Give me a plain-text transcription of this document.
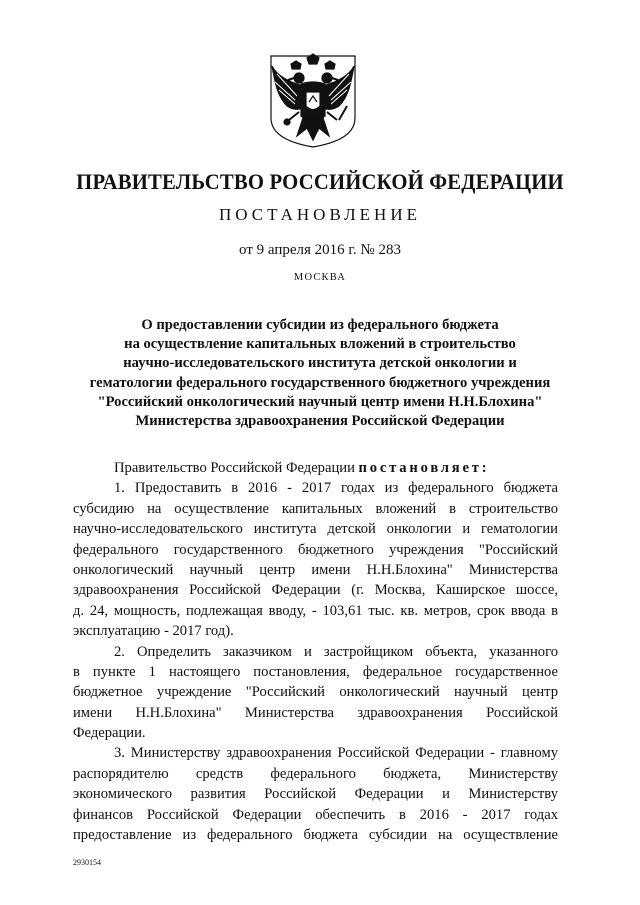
ПРАВИТЕЛЬСТВО РОССИЙСКОЙ ФЕДЕРАЦИИ
ПОСТАНОВЛЕНИЕ
от 9 апреля 2016 г. № 283
МОСКВА
О предоставлении субсидии из федерального бюджета
на осуществление капитальных вложений в строительство
научно-исследовательского института детской онкологии и
гематологии федерального государственного бюджетного учреждения
"Российский онкологический научный центр имени Н.Н.Блохина"
Министерства здравоохранения Российской Федерации
Правительство Российской Федерации постановляет:
1. Предоставить в 2016 - 2017 годах из федерального бюджета
субсидию на осуществление капитальных вложений в строительство
научно-исследовательского института детской онкологии и гематологии
федерального государственного бюджетного учреждения "Российский
онкологический научный центр имени Н.Н.Блохина" Министерства
здравоохранения Российской Федерации (г. Москва, Каширское шоссе,
д. 24, мощность, подлежащая вводу, - 103,61 тыс. кв. метров, срок ввода в
эксплуатацию - 2017 год).
2. Определить заказчиком и застройщиком объекта, указанного
в пункте 1 настоящего постановления, федеральное государственное
бюджетное учреждение "Российский онкологический научный центр
имени Н.Н.Блохина" Министерства здравоохранения Российской
Федерации.
3. Министерству здравоохранения Российской Федерации - главному
распорядителю средств федерального бюджета, Министерству
экономического развития Российской Федерации и Министерству
финансов Российской Федерации обеспечить в 2016 - 2017 годах
предоставление из федерального бюджета субсидии на осуществление
2930154
